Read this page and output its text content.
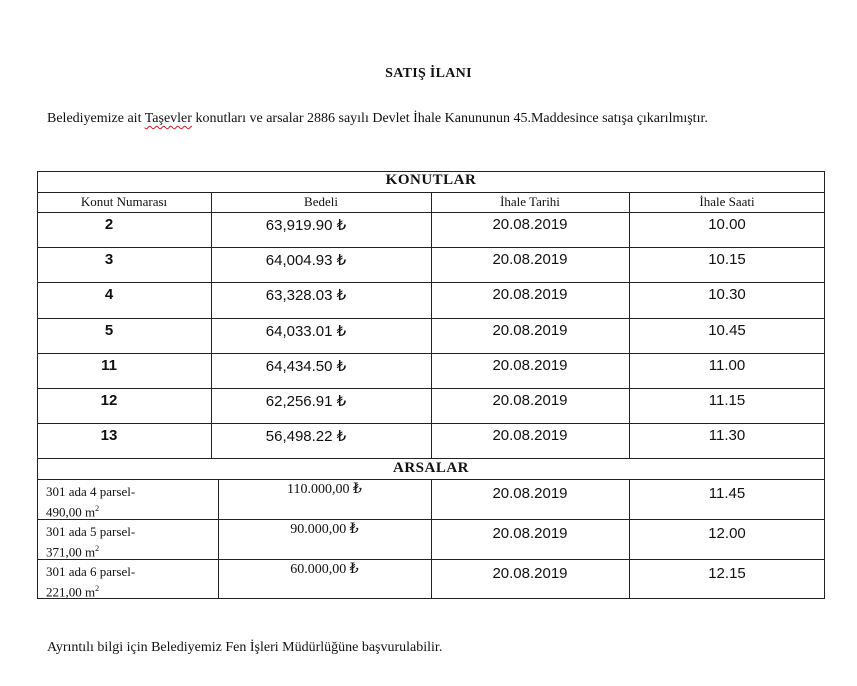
SATIŞ İLANI
Belediyemize ait Taşevler konutları ve arsalar 2886 sayılı Devlet İhale Kanununun 45.Maddesince satışa çıkarılmıştır.
KONUTLAR
Konut Numarası	Bedeli	İhale Tarihi	İhale Saati
2	63,919.90 ₺	20.08.2019	10.00
3	64,004.93 ₺	20.08.2019	10.15
4	63,328.03 ₺	20.08.2019	10.30
5	64,033.01 ₺	20.08.2019	10.45
11	64,434.50 ₺	20.08.2019	11.00
12	62,256.91 ₺	20.08.2019	11.15
13	56,498.22 ₺	20.08.2019	11.30
ARSALAR
301 ada 4 parsel-
490,00 $m^2$
110.000,00 ₺	20.08.2019	11.45
301 ada 5 parsel-
371,00 $m^2$
90.000,00 ₺	20.08.2019	12.00
301 ada 6 parsel-
221,00 $m^2$
60.000,00 ₺	20.08.2019	12.15
Ayrıntılı bilgi için Belediyemiz Fen İşleri Müdürlüğüne başvurulabilir.
